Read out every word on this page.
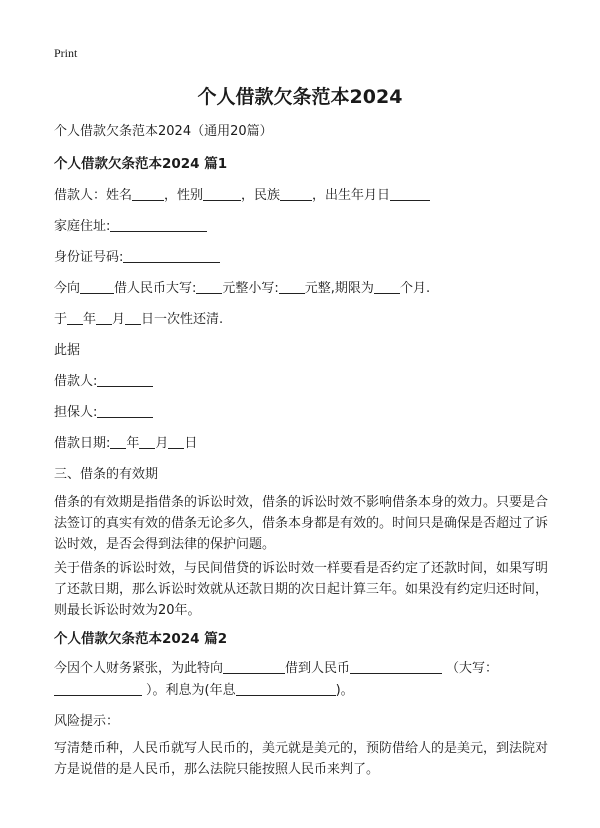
Print
个人借款欠条范本2024
个人借款欠条范本2024（通用20篇）
个人借款欠条范本2024 篇1
借款人：姓名 ，性别	，民族 ，出生年月日
家庭住址:
身份证号码:
今向	借人民币大写: 元整小写: 元整,期限为 个月.
于 年 月 日一次性还清.
此据
借款人:
担保人:
借款日期: 年 月 日
三、借条的有效期
借条的有效期是指借条的诉讼时效，借条的诉讼时效不影响借条本身的效力。只要是合法签订的真实有效的借条无论多久，借条本身都是有效的。时间只是确保是否超过了诉讼时效，是否会得到法律的保护问题。
关于借条的诉讼时效，与民间借贷的诉讼时效一样要看是否约定了还款时间，如果写明了还款日期，那么诉讼时效就从还款日期的次日起计算三年。如果没有约定归还时间，则最长诉讼时效为20年。
个人借款欠条范本2024 篇2
今因个人财务紧张，为此特向	借到人民币	（大写：
）。利息为(年息	)。
风险提示：
写清楚币种，人民币就写人民币的，美元就是美元的，预防借给人的是美元，到法院对方是说借的是人民币，那么法院只能按照人民币来判了。
